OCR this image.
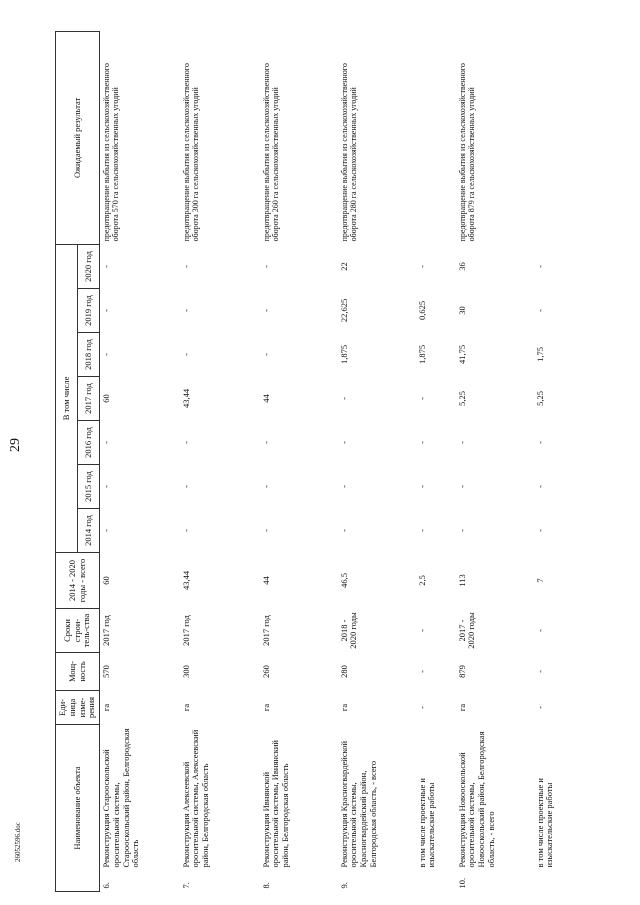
29
26052596.doc	Наименование объекта		Еди-ница изме-рения	Мощ-ность	Сроки строи-тель-ства	2014 - 2020 годы - всего	В том числе							Ожидаемый результат
						2014 год	2015 год	2016 год	2017 год	2018 год	2019 год	2020 год	
6.	Реконструкция Старооскольской оросительной системы, Старооскольский район, Белгородская область	га	570	2017 год	60	-	-	-	60	-	-	-	предотвращение выбытия из сельскохозяйственного оборота 570 га сельскохозяйственных угодий
7.	Реконструкция Алексеевской оросительной системы, Алексеевский район, Белгородская область	га	300	2017 год	43,44	-	-	-	43,44	-	-	-	предотвращение выбытия из сельскохозяйственного оборота 300 га сельскохозяйственных угодий
8.	Реконструкция Ивнянской оросительной системы, Ивнянский район, Белгородская область	га	260	2017 год	44	-	-	-	44	-	-	-	предотвращение выбытия из сельскохозяйственного оборота 260 га сельскохозяйственных угодий
9.	Реконструкция Красногвардейской оросительной системы, Красногвардейский район, Белгородская область, - всего	га	280	2018 - 2020 годы	46,5	-	-	-	-	1,875	22,625	22	предотвращение выбытия из сельскохозяйственного оборота 280 га сельскохозяйственных угодий
	в том числе проектные и изыскательские работы	-	-	-	2,5	-	-	-	-	1,875	0,625	-	
10.	Реконструкция Новооскольской оросительной системы, Новооскольский район, Белгородская область, - всего	га	879	2017 - 2020 годы	113	-	-	-	5,25	41,75	30	36	предотвращение выбытия из сельскохозяйственного оборота 879 га сельскохозяйственных угодий
	в том числе проектные и изыскательские работы	-	-	-	7	-	-	-	5,25	1,75	-	-	
